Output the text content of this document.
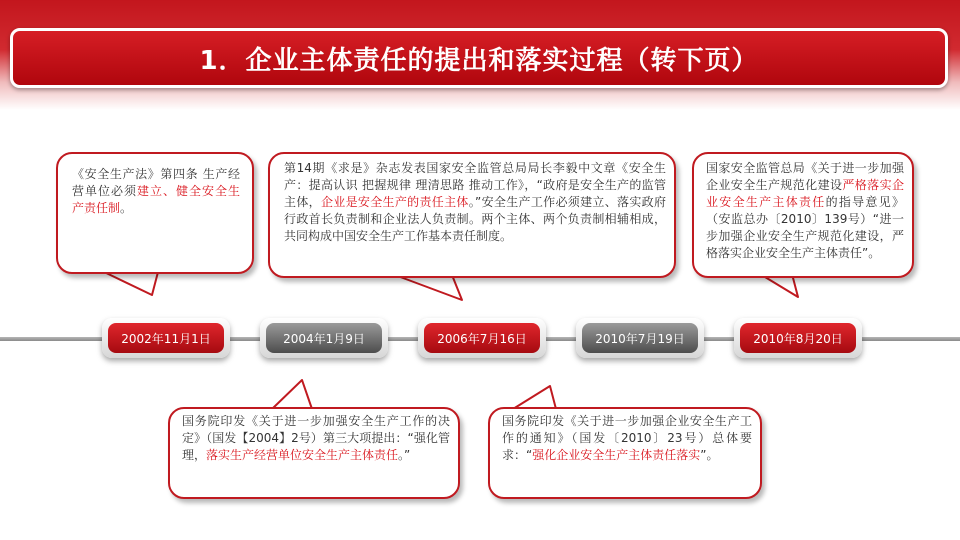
1．企业主体责任的提出和落实过程（转下页）

《安全生产法》第四条 生产经营单位必须建立、健全安全生产责任制。

第14期《求是》杂志发表国家安全监管总局局长李毅中文章《安全生产：提高认识 把握规律 理清思路 推动工作》，“政府是安全生产的监管主体，企业是安全生产的责任主体。”安全生产工作必须建立、落实政府行政首长负责制和企业法人负责制。两个主体、两个负责制相辅相成，共同构成中国安全生产工作基本责任制度。

国家安全监管总局《关于进一步加强企业安全生产规范化建设严格落实企业安全生产主体责任的指导意见》（安监总办〔2010〕139号）“进一步加强企业安全生产规范化建设，严格落实企业安全生产主体责任”。

2002年11月1日	2004年1月9日	2006年7月16日	2010年7月19日	2010年8月20日

国务院印发《关于进一步加强安全生产工作的决定》（国发【2004】2号）第三大项提出：“强化管理，落实生产经营单位安全生产主体责任。”

国务院印发《关于进一步加强企业安全生产工作的通知》（国发〔2010〕23号）总体要求：“强化企业安全生产主体责任落实”。
